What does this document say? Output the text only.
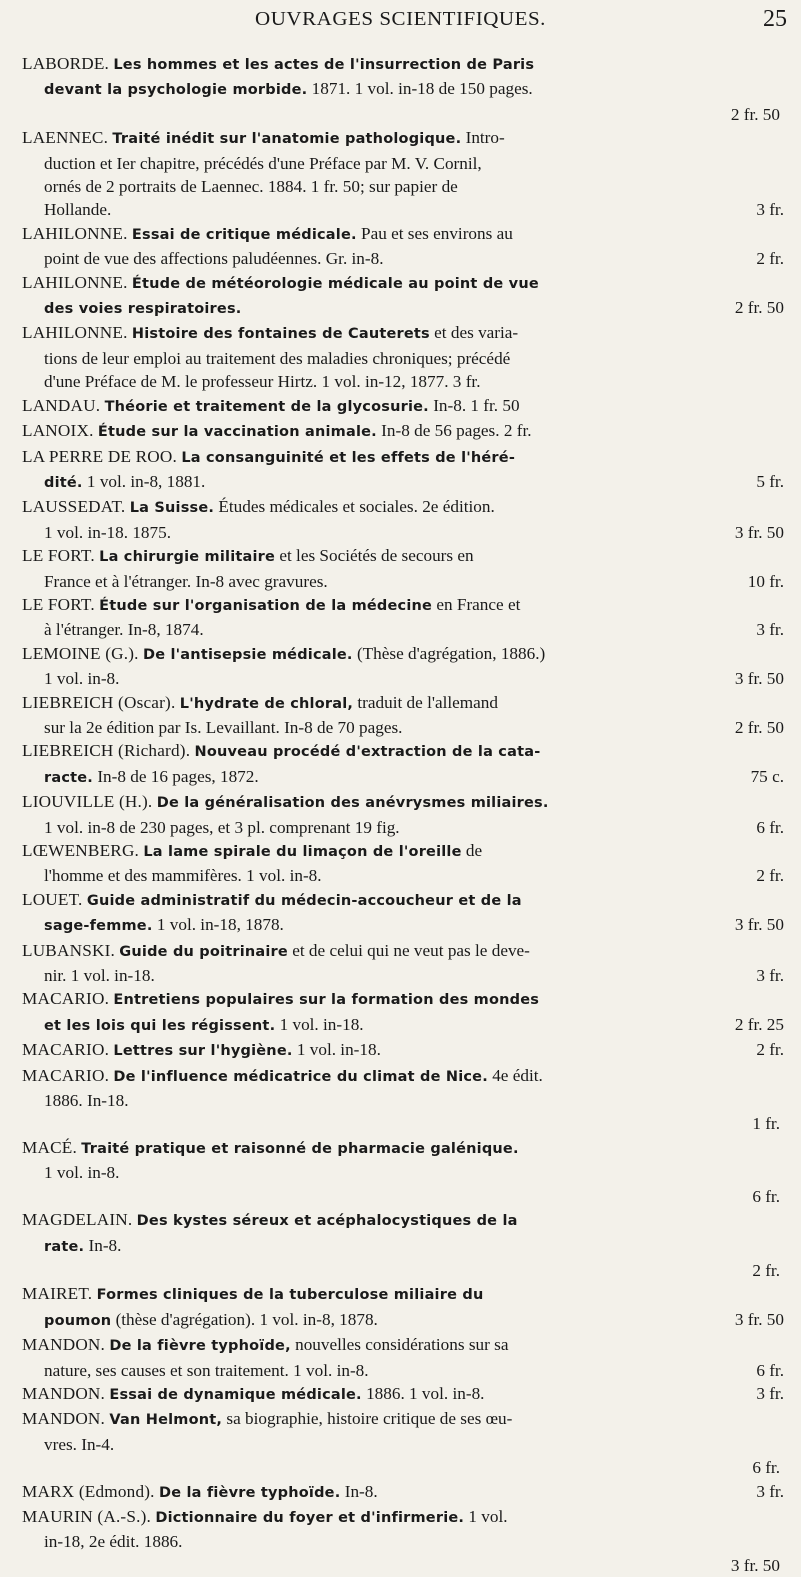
OUVRAGES SCIENTIFIQUES.	25
LABORDE. Les hommes et les actes de l'insurrection de Paris
devant la psychologie morbide. 1871. 1 vol. in-18 de 150 pages.
2 fr. 50
LAENNEC. Traité inédit sur l'anatomie pathologique. Intro-
duction et Ier chapitre, précédés d'une Préface par M. V. Cornil,
ornés de 2 portraits de Laennec. 1884. 1 fr. 50; sur papier de
Hollande.	3 fr.
LAHILONNE. Essai de critique médicale. Pau et ses environs au
point de vue des affections paludéennes. Gr. in-8.	2 fr.
LAHILONNE. Étude de météorologie médicale au point de vue
des voies respiratoires.	2 fr. 50
LAHILONNE. Histoire des fontaines de Cauterets et des varia-
tions de leur emploi au traitement des maladies chroniques; précédé
d'une Préface de M. le professeur Hirtz. 1 vol. in-12, 1877. 3 fr.
LANDAU. Théorie et traitement de la glycosurie. In-8. 1 fr. 50
LANOIX. Étude sur la vaccination animale. In-8 de 56 pages. 2 fr.
LA PERRE DE ROO. La consanguinité et les effets de l'héré-
dité. 1 vol. in-8, 1881.	5 fr.
LAUSSEDAT. La Suisse. Études médicales et sociales. 2e édition.
1 vol. in-18. 1875.	3 fr. 50
LE FORT. La chirurgie militaire et les Sociétés de secours en
France et à l'étranger. In-8 avec gravures.	10 fr.
LE FORT. Étude sur l'organisation de la médecine en France et
à l'étranger. In-8, 1874.	3 fr.
LEMOINE (G.). De l'antisepsie médicale. (Thèse d'agrégation, 1886.)
1 vol. in-8.	3 fr. 50
LIEBREICH (Oscar). L'hydrate de chloral, traduit de l'allemand
sur la 2e édition par Is. Levaillant. In-8 de 70 pages.	2 fr. 50
LIEBREICH (Richard). Nouveau procédé d'extraction de la cata-
racte. In-8 de 16 pages, 1872.	75 c.
LIOUVILLE (H.). De la généralisation des anévrysmes miliaires.
1 vol. in-8 de 230 pages, et 3 pl. comprenant 19 fig.	6 fr.
LŒWENBERG. La lame spirale du limaçon de l'oreille de
l'homme et des mammifères. 1 vol. in-8.	2 fr.
LOUET. Guide administratif du médecin-accoucheur et de la
sage-femme. 1 vol. in-18, 1878.	3 fr. 50
LUBANSKI. Guide du poitrinaire et de celui qui ne veut pas le deve-
nir. 1 vol. in-18.	3 fr.
MACARIO. Entretiens populaires sur la formation des mondes
et les lois qui les régissent. 1 vol. in-18.	2 fr. 25
MACARIO. Lettres sur l'hygiène. 1 vol. in-18.	2 fr.
MACARIO. De l'influence médicatrice du climat de Nice. 4e édit.
1886. In-18.
1 fr.
MACÉ. Traité pratique et raisonné de pharmacie galénique.
1 vol. in-8.
6 fr.
MAGDELAIN. Des kystes séreux et acéphalocystiques de la
rate. In-8.
2 fr.
MAIRET. Formes cliniques de la tuberculose miliaire du
poumon (thèse d'agrégation). 1 vol. in-8, 1878.	3 fr. 50
MANDON. De la fièvre typhoïde, nouvelles considérations sur sa
nature, ses causes et son traitement. 1 vol. in-8.	6 fr.
MANDON. Essai de dynamique médicale. 1886. 1 vol. in-8.	3 fr.
MANDON. Van Helmont, sa biographie, histoire critique de ses œu-
vres. In-4.
6 fr.
MARX (Edmond). De la fièvre typhoïde. In-8.	3 fr.
MAURIN (A.-S.). Dictionnaire du foyer et d'infirmerie. 1 vol.
in-18, 2e édit. 1886.
3 fr. 50
